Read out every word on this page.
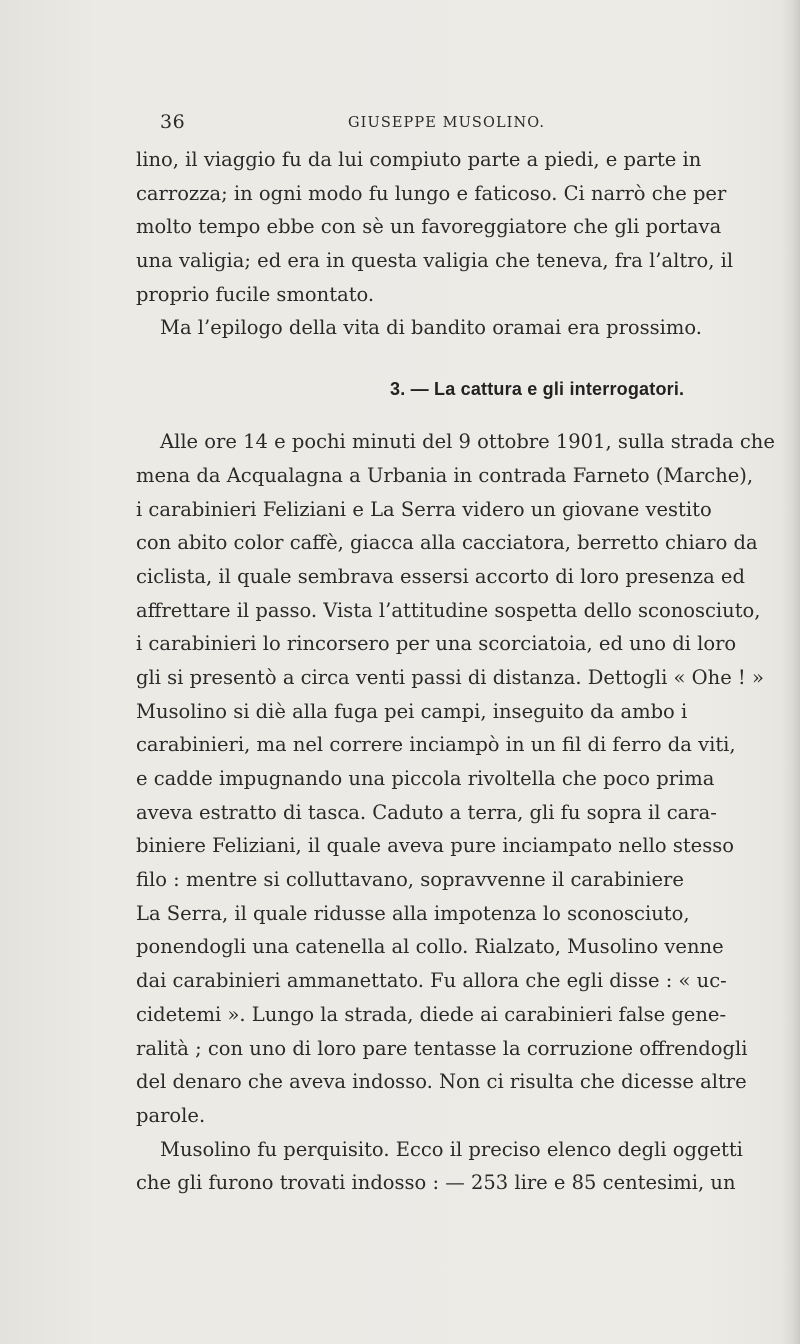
36	GIUSEPPE MUSOLINO.
lino, il viaggio fu da lui compiuto parte a piedi, e parte in
carrozza; in ogni modo fu lungo e faticoso. Ci narrò che per
molto tempo ebbe con sè un favoreggiatore che gli portava
una valigia; ed era in questa valigia che teneva, fra l’altro, il
proprio fucile smontato.
Ma l’epilogo della vita di bandito oramai era prossimo.
3. — La cattura e gli interrogatori.
Alle ore 14 e pochi minuti del 9 ottobre 1901, sulla strada che
mena da Acqualagna a Urbania in contrada Farneto (Marche),
i carabinieri Feliziani e La Serra videro un giovane vestito
con abito color caffè, giacca alla cacciatora, berretto chiaro da
ciclista, il quale sembrava essersi accorto di loro presenza ed
affrettare il passo. Vista l’attitudine sospetta dello sconosciuto,
i carabinieri lo rincorsero per una scorciatoia, ed uno di loro
gli si presentò a circa venti passi di distanza. Dettogli « Ohe ! »
Musolino si diè alla fuga pei campi, inseguito da ambo i
carabinieri, ma nel correre inciampò in un fil di ferro da viti,
e cadde impugnando una piccola rivoltella che poco prima
aveva estratto di tasca. Caduto a terra, gli fu sopra il cara-
biniere Feliziani, il quale aveva pure inciampato nello stesso
filo : mentre si colluttavano, sopravvenne il carabiniere
La Serra, il quale ridusse alla impotenza lo sconosciuto,
ponendogli una catenella al collo. Rialzato, Musolino venne
dai carabinieri ammanettato. Fu allora che egli disse : « uc-
cidetemi ». Lungo la strada, diede ai carabinieri false gene-
ralità ; con uno di loro pare tentasse la corruzione offrendogli
del denaro che aveva indosso. Non ci risulta che dicesse altre
parole.
Musolino fu perquisito. Ecco il preciso elenco degli oggetti
che gli furono trovati indosso : — 253 lire e 85 centesimi, un
